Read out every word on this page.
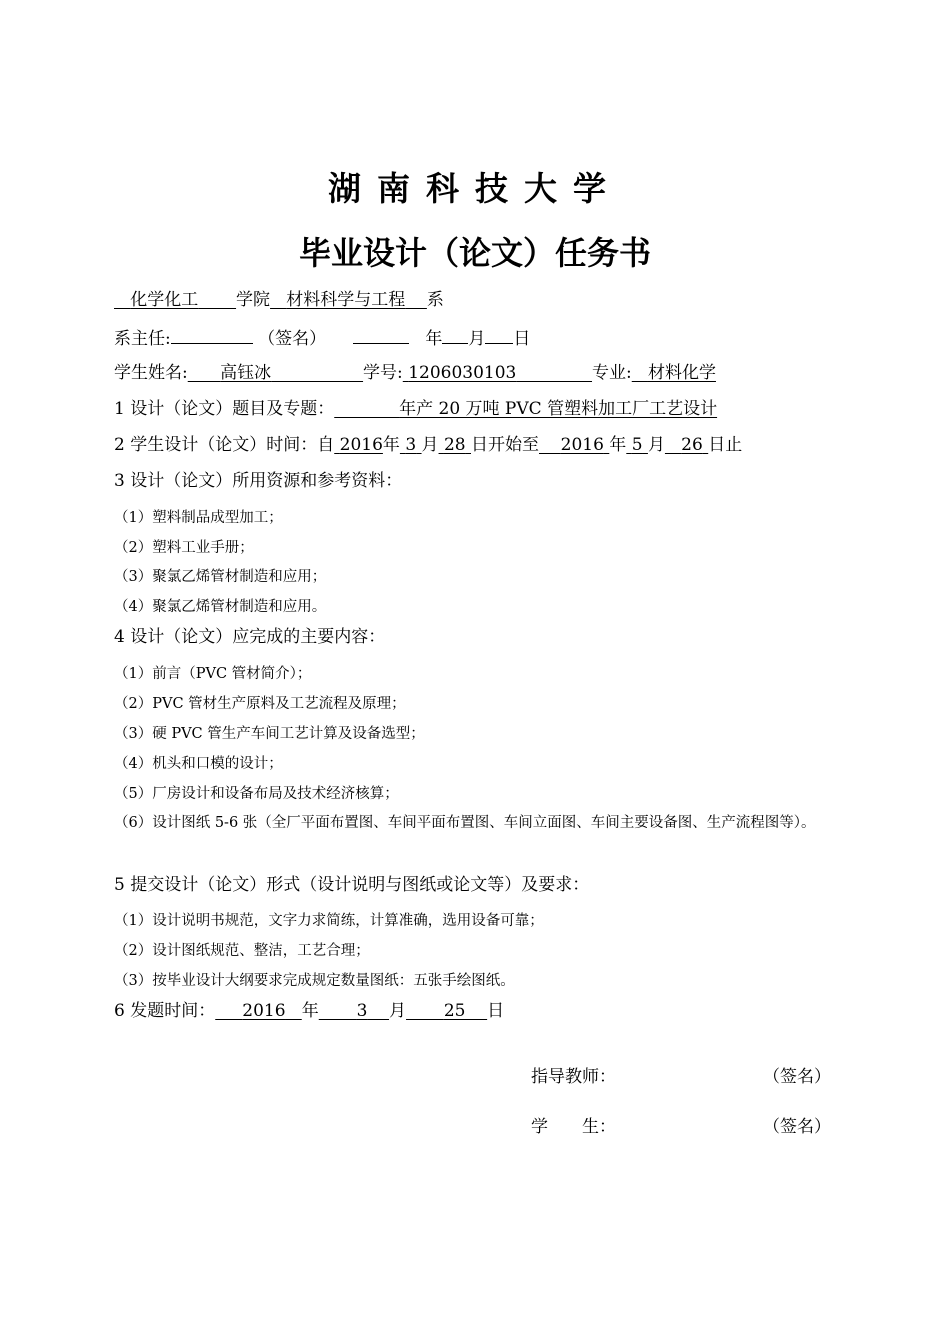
湖南科技大学
毕业设计（论文）任务书
化学化工 学院 材料科学与工程 系
系主任:	（签名）	年 月 日
学生姓名: 高钰冰	学号: 1206030103	专业: 材料化学
1 设计（论文）题目及专题：	年产 20 万吨 PVC 管塑料加工厂工艺设计
2 学生设计（论文）时间：自 2016年 3 月 28 日开始至 2016 年 5 月 26 日止
3 设计（论文）所用资源和参考资料：
（1）塑料制品成型加工；
（2）塑料工业手册；
（3）聚氯乙烯管材制造和应用；
（4）聚氯乙烯管材制造和应用。
4 设计（论文）应完成的主要内容：
（1）前言（PVC 管材简介）；
（2）PVC 管材生产原料及工艺流程及原理；
（3）硬 PVC 管生产车间工艺计算及设备选型；
（4）机头和口模的设计；
（5）厂房设计和设备布局及技术经济核算；
（6）设计图纸 5-6 张（全厂平面布置图、车间平面布置图、车间立面图、车间主要设备图、生产流程图等）。
5 提交设计（论文）形式（设计说明与图纸或论文等）及要求：
（1）设计说明书规范，文字力求简练，计算准确，选用设备可靠；
（2）设计图纸规范、整洁，工艺合理；
（3）按毕业设计大纲要求完成规定数量图纸：五张手绘图纸。
6 发题时间： 2016 年 3 月 25 日
指导教师：	（签名）
学　　生：	（签名）
